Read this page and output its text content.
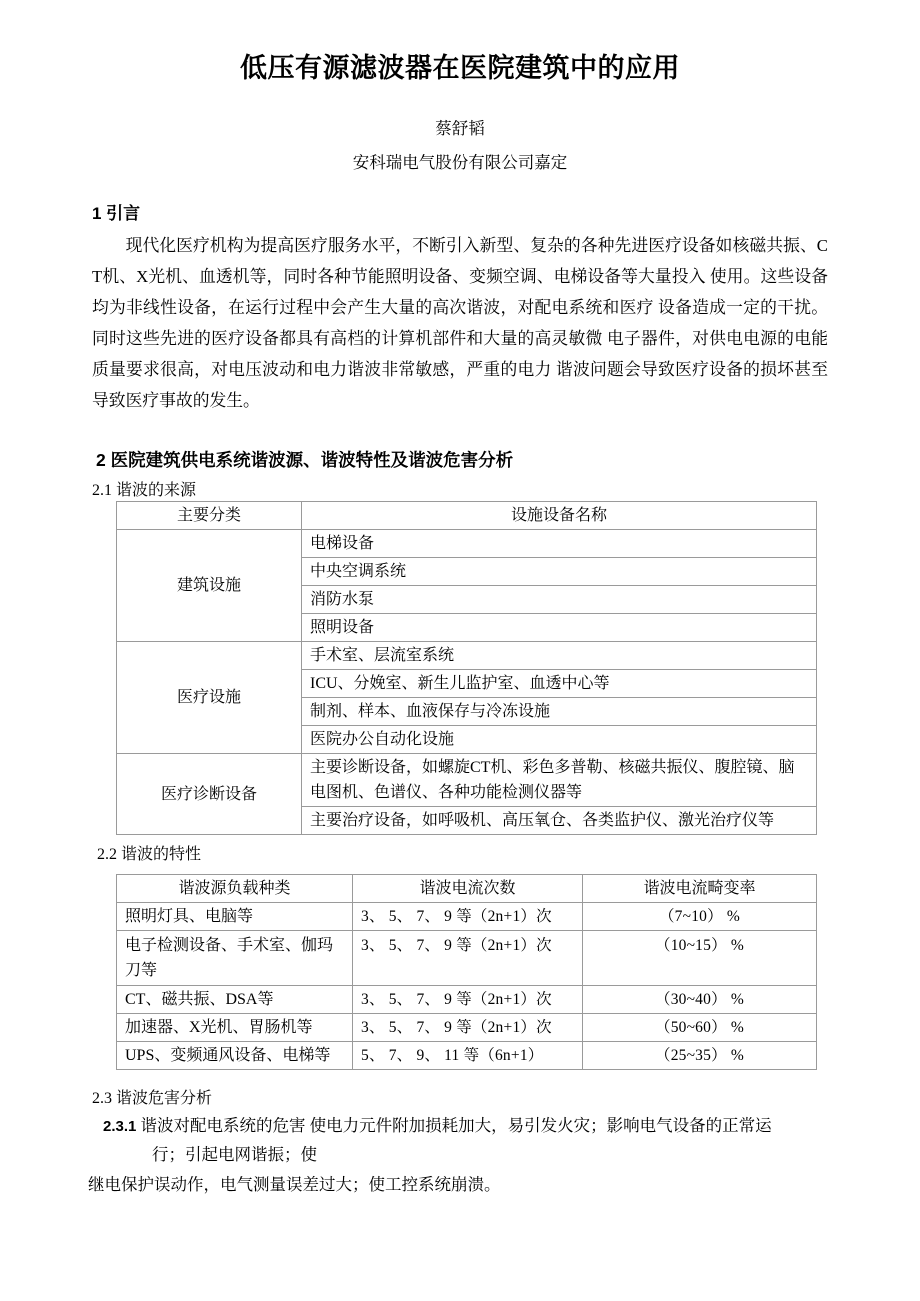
低压有源滤波器在医院建筑中的应用
蔡舒韬
安科瑞电气股份有限公司嘉定
1 引言
现代化医疗机构为提高医疗服务水平，不断引入新型、复杂的各种先进医疗设备如核磁共振、CT机、X光机、血透机等，同时各种节能照明设备、变频空调、电梯设备等大量投入 使用。这些设备均为非线性设备，在运行过程中会产生大量的高次谐波，对配电系统和医疗 设备造成一定的干扰。同时这些先进的医疗设备都具有高档的计算机部件和大量的高灵敏微 电子器件，对供电电源的电能质量要求很高，对电压波动和电力谐波非常敏感，严重的电力 谐波问题会导致医疗设备的损坏甚至导致医疗事故的发生。
2 医院建筑供电系统谐波源、谐波特性及谐波危害分析
2.1 谐波的来源
主要分类	设施设备名称
建筑设施	电梯设备
	中央空调系统
	消防水泵
	照明设备
医疗设施	手术室、层流室系统
	ICU、分娩室、新生儿监护室、血透中心等
	制剂、样本、血液保存与冷冻设施
	医院办公自动化设施
医疗诊断设备	主要诊断设备，如螺旋CT机、彩色多普勒、核磁共振仪、腹腔镜、脑电图机、色谱仪、各种功能检测仪器等
	主要治疗设备，如呼吸机、高压氧仓、各类监护仪、激光治疗仪等
2.2 谐波的特性
谐波源负载种类	谐波电流次数	谐波电流畸变率
照明灯具、电脑等	3、 5、 7、 9 等（2n+1）次	（7~10） %
电子检测设备、手术室、伽玛刀等	3、 5、 7、 9 等（2n+1）次	（10~15） %
CT、磁共振、DSA等	3、 5、 7、 9 等（2n+1）次	（30~40） %
加速器、X光机、胃肠机等	3、 5、 7、 9 等（2n+1）次	（50~60） %
UPS、变频通风设备、电梯等	5、 7、 9、 11 等（6n+1）	（25~35） %
2.3 谐波危害分析
2.3.1 谐波对配电系统的危害 使电力元件附加损耗加大，易引发火灾；影响电气设备的正常运
行；引起电网谐振；使
继电保护误动作，电气测量误差过大；使工控系统崩溃。
